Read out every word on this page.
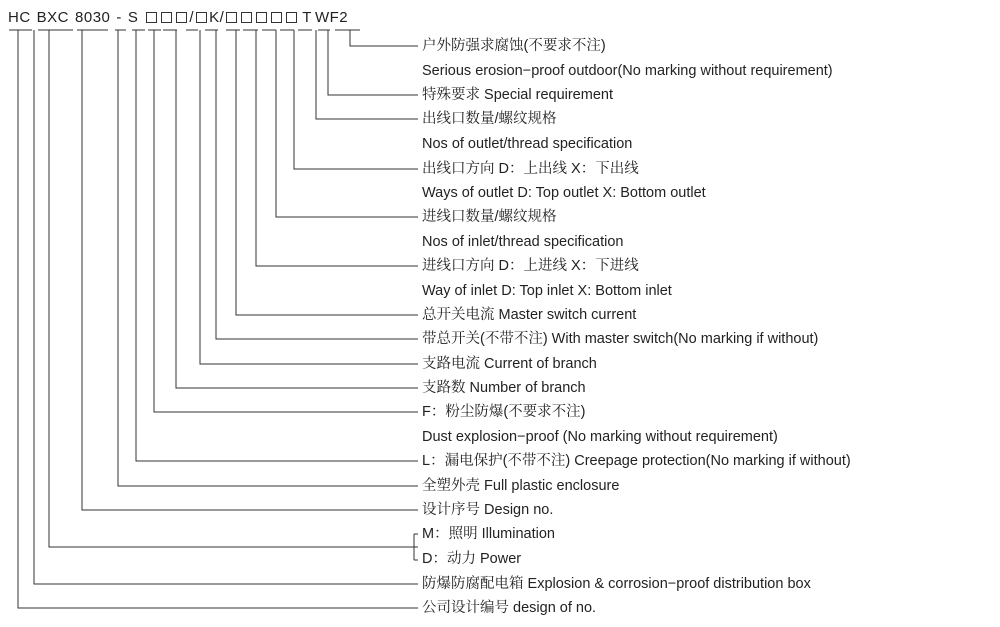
HC BXC 8030 - S	/ K /	T WF2
户外防强求腐蚀(不要求不注)
Serious erosion−proof outdoor(No marking without requirement)
特殊要求 Special requirement
出线口数量/螺纹规格
Nos of outlet/thread specification
出线口方向 D：上出线 X：下出线
Ways of outlet D: Top outlet X: Bottom outlet
进线口数量/螺纹规格
Nos of inlet/thread specification
进线口方向 D：上进线 X：下进线
Way of inlet D: Top inlet X: Bottom inlet
总开关电流 Master switch current
带总开关(不带不注) With master switch(No marking if without)
支路电流 Current of branch
支路数 Number of branch
F：粉尘防爆(不要求不注)
Dust explosion−proof (No marking without requirement)
L：漏电保护(不带不注) Creepage protection(No marking if without)
全塑外壳 Full plastic enclosure
设计序号 Design no.
M：照明 Illumination
D：动力 Power
防爆防腐配电箱 Explosion & corrosion−proof distribution box
公司设计编号 design of no.
